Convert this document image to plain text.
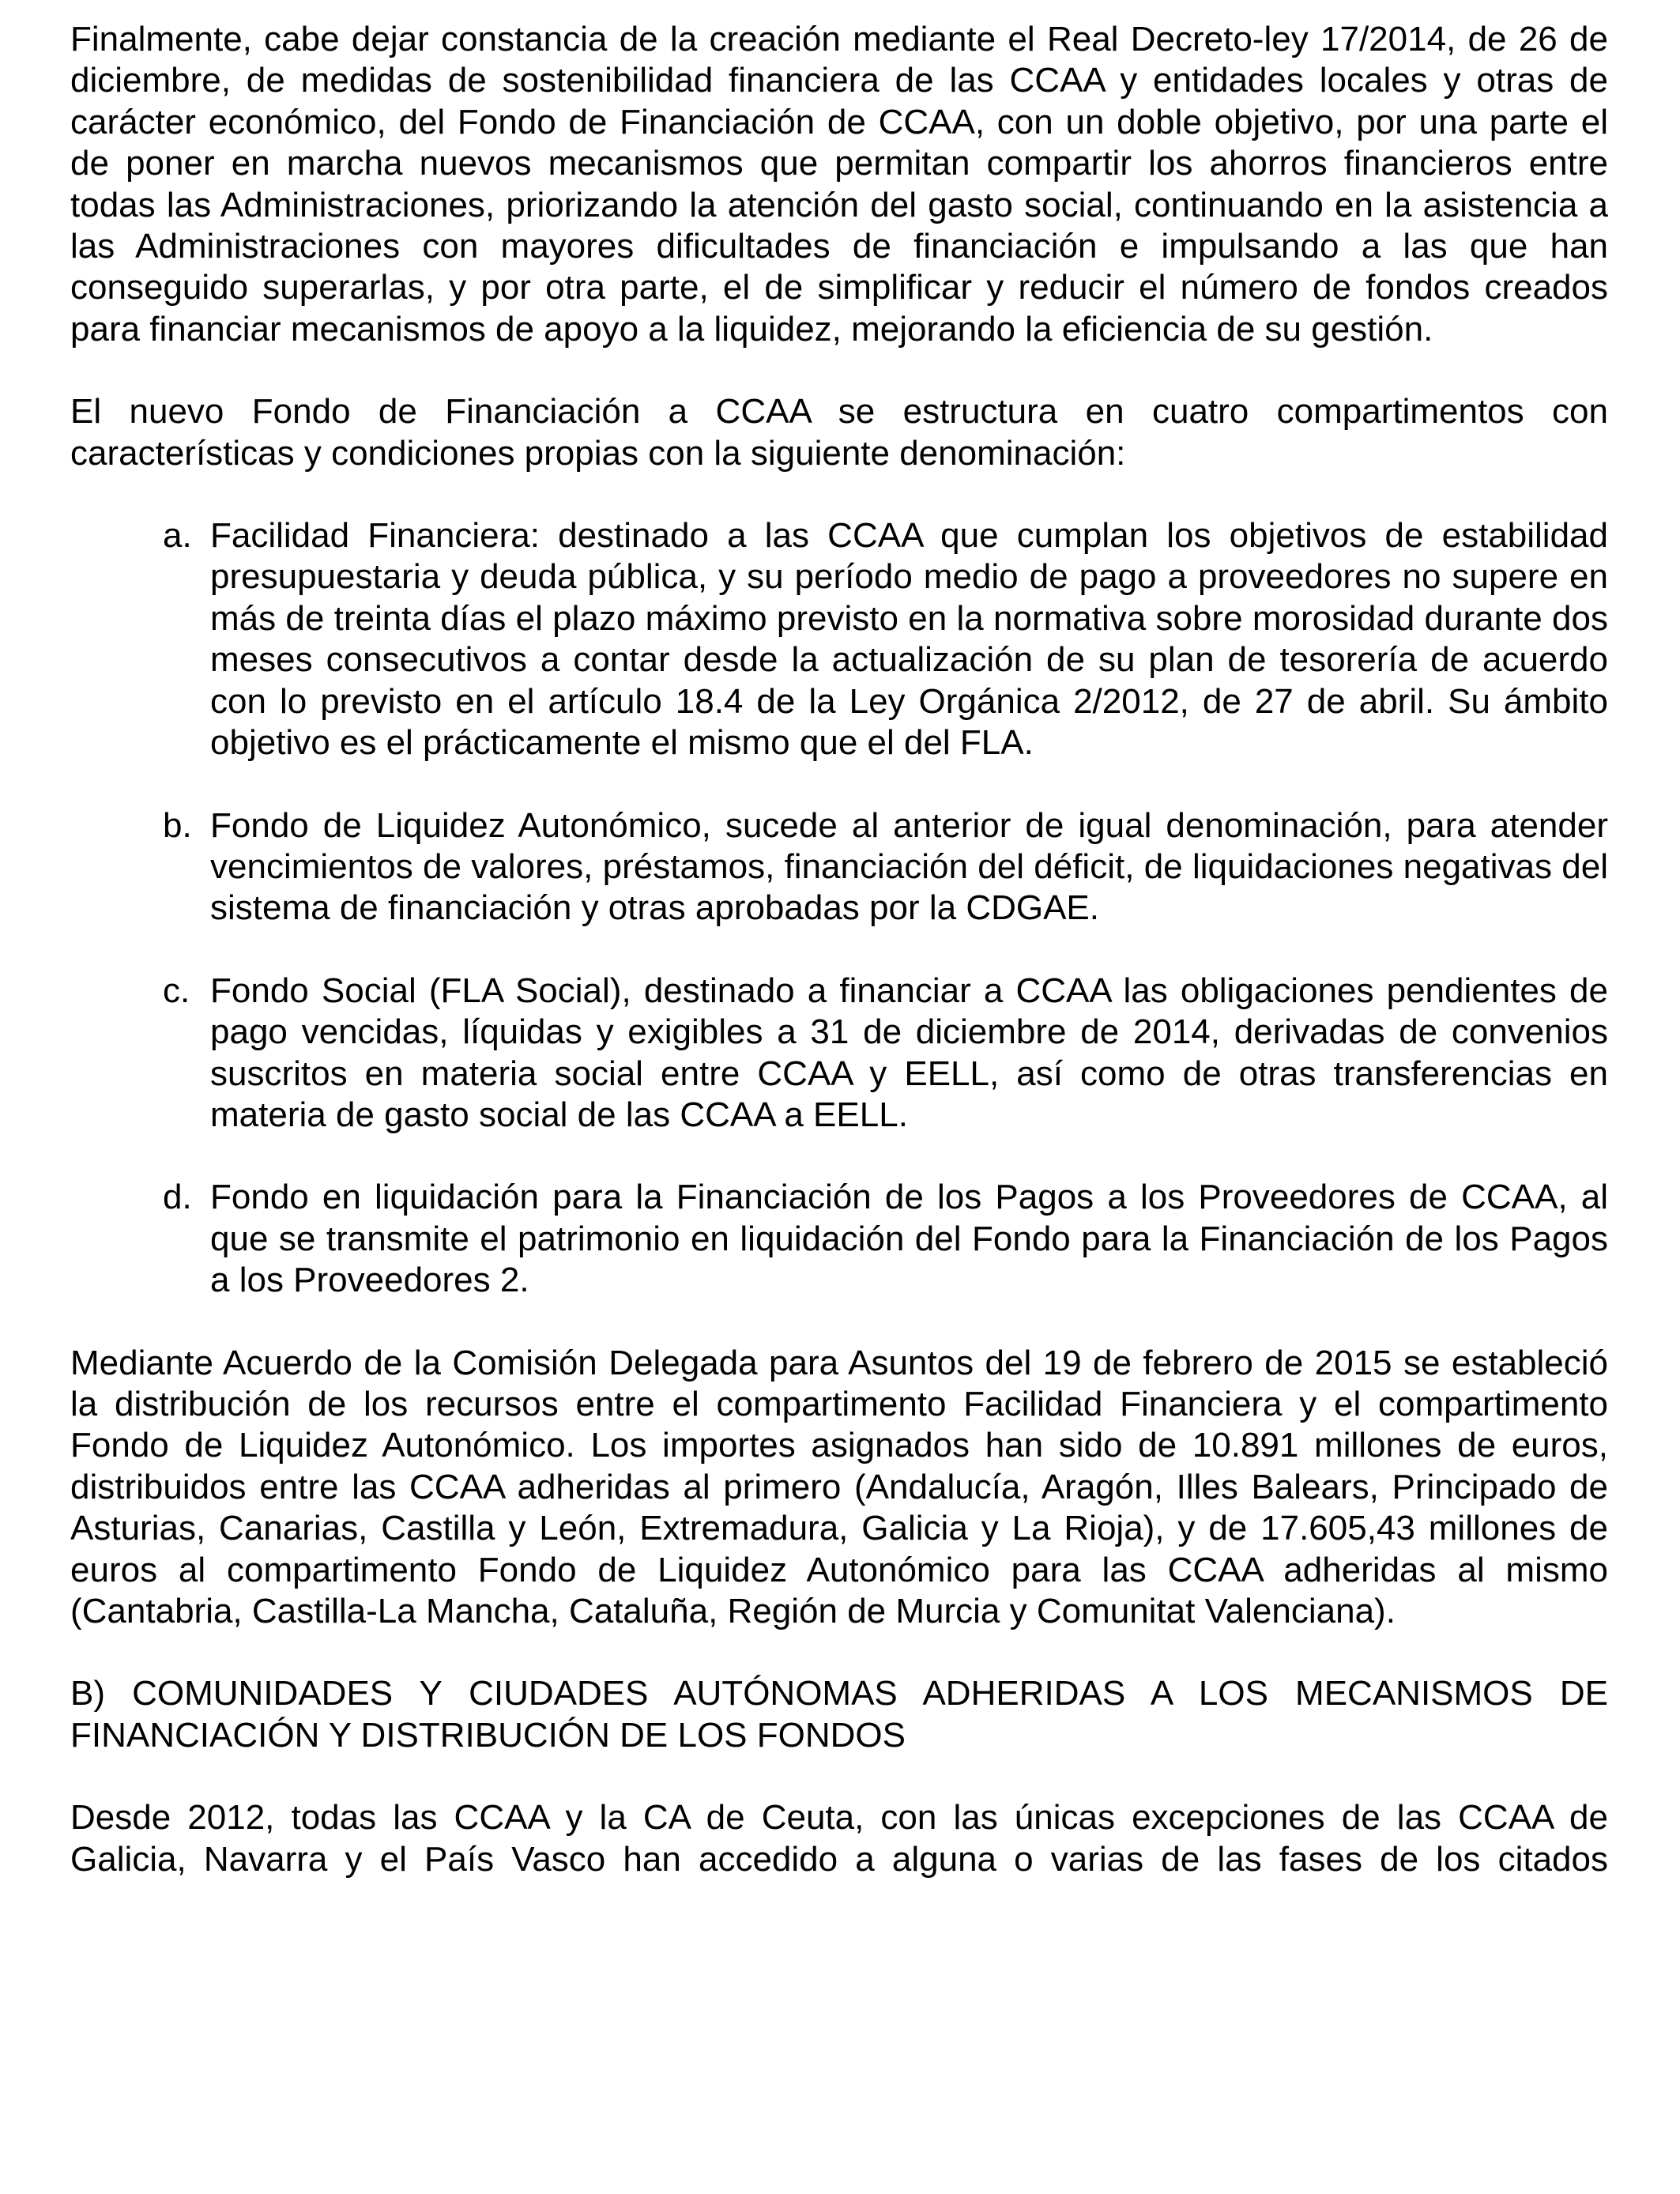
Finalmente, cabe dejar constancia de la creación mediante el Real Decreto-ley 17/2014, de 26 de diciembre, de medidas de sostenibilidad financiera de las CCAA y entidades locales y otras de carácter económico, del Fondo de Financiación de CCAA, con un doble objetivo, por una parte el de poner en marcha nuevos mecanismos que permitan compartir los ahorros financieros entre todas las Administraciones, priorizando la atención del gasto social, continuando en la asistencia a las Administraciones con mayores dificultades de financiación e impulsando a las que han conseguido superarlas, y por otra parte, el de simplificar y reducir el número de fondos creados para financiar mecanismos de apoyo a la liquidez, mejorando la eficiencia de su gestión.

El nuevo Fondo de Financiación a CCAA se estructura en cuatro compartimentos con características y condiciones propias con la siguiente denominación:

a. Facilidad Financiera: destinado a las CCAA que cumplan los objetivos de estabilidad presupuestaria y deuda pública, y su período medio de pago a proveedores no supere en más de treinta días el plazo máximo previsto en la normativa sobre morosidad durante dos meses consecutivos a contar desde la actualización de su plan de tesorería de acuerdo con lo previsto en el artículo 18.4 de la Ley Orgánica 2/2012, de 27 de abril. Su ámbito objetivo es el prácticamente el mismo que el del FLA.
b. Fondo de Liquidez Autonómico, sucede al anterior de igual denominación, para atender vencimientos de valores, préstamos, financiación del déficit, de liquidaciones negativas del sistema de financiación y otras aprobadas por la CDGAE.
c. Fondo Social (FLA Social), destinado a financiar a CCAA las obligaciones pendientes de pago vencidas, líquidas y exigibles a 31 de diciembre de 2014, derivadas de convenios suscritos en materia social entre CCAA y EELL, así como de otras transferencias en materia de gasto social de las CCAA a EELL.
d. Fondo en liquidación para la Financiación de los Pagos a los Proveedores de CCAA, al que se transmite el patrimonio en liquidación del Fondo para la Financiación de los Pagos a los Proveedores 2.

Mediante Acuerdo de la Comisión Delegada para Asuntos del 19 de febrero de 2015 se estableció la distribución de los recursos entre el compartimento Facilidad Financiera y el compartimento Fondo de Liquidez Autonómico. Los importes asignados han sido de 10.891 millones de euros, distribuidos entre las CCAA adheridas al primero (Andalucía, Aragón, Illes Balears, Principado de Asturias, Canarias, Castilla y León, Extremadura, Galicia y La Rioja), y de 17.605,43 millones de euros al compartimento Fondo de Liquidez Autonómico para las CCAA adheridas al mismo (Cantabria, Castilla-La Mancha, Cataluña, Región de Murcia y Comunitat Valenciana).

B) COMUNIDADES Y CIUDADES AUTÓNOMAS ADHERIDAS A LOS MECANISMOS DE FINANCIACIÓN Y DISTRIBUCIÓN DE LOS FONDOS

Desde 2012, todas las CCAA y la CA de Ceuta, con las únicas excepciones de las CCAA de Galicia, Navarra y el País Vasco han accedido a alguna o varias de las fases de los citados
